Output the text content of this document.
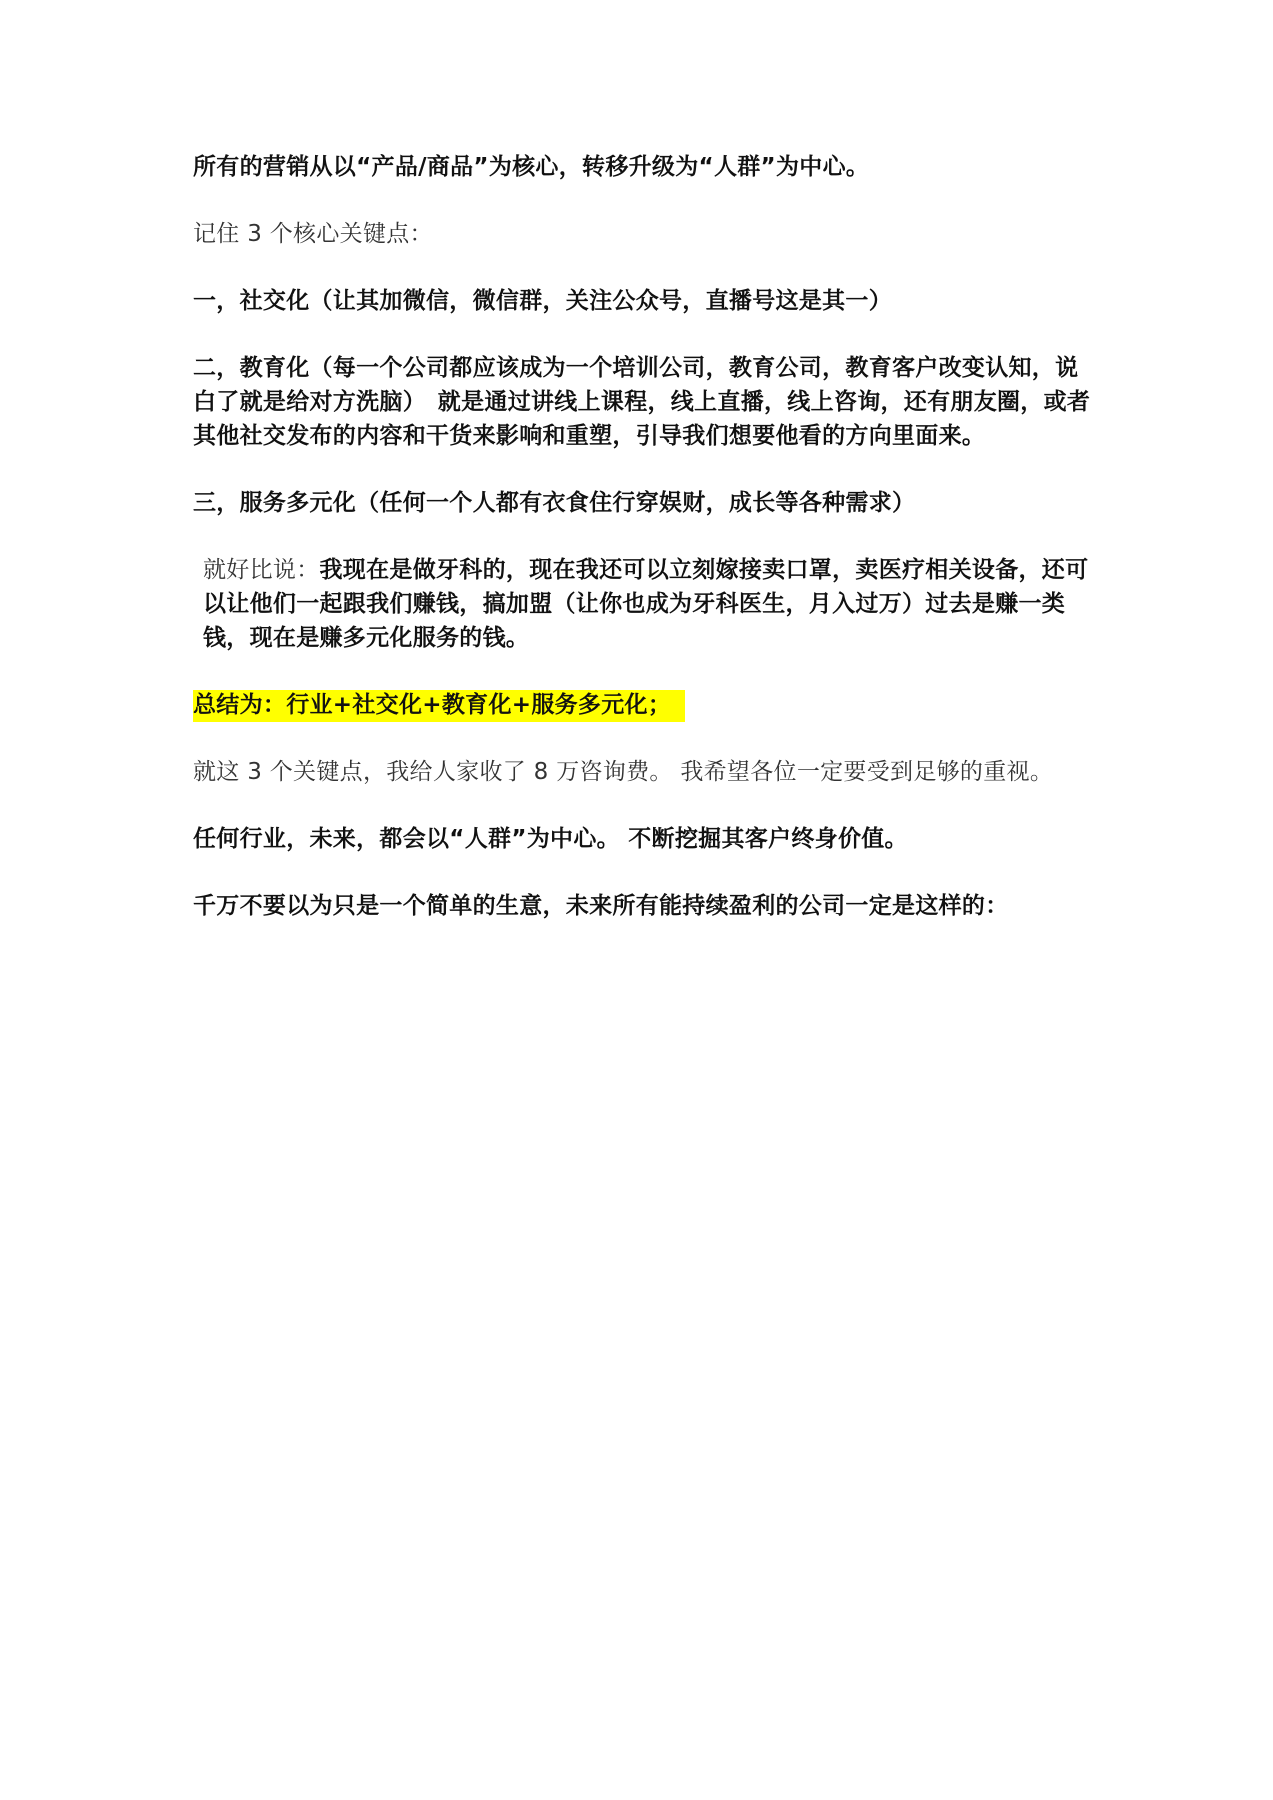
所有的营销从以“产品/商品”为核心，转移升级为“人群”为中心。

记住 3 个核心关键点：

一，社交化（让其加微信，微信群，关注公众号，直播号这是其一）

二，教育化（每一个公司都应该成为一个培训公司，教育公司，教育客户改变认知，说白了就是给对方洗脑）　就是通过讲线上课程，线上直播，线上咨询，还有朋友圈，或者其他社交发布的内容和干货来影响和重塑，引导我们想要他看的方向里面来。

三，服务多元化（任何一个人都有衣食住行穿娱财，成长等各种需求）

就好比说：我现在是做牙科的，现在我还可以立刻嫁接卖口罩，卖医疗相关设备，还可以让他们一起跟我们赚钱，搞加盟（让你也成为牙科医生，月入过万）过去是赚一类钱，现在是赚多元化服务的钱。

总结为：行业+社交化+教育化+服务多元化；

就这 3 个关键点，我给人家收了 8 万咨询费。 我希望各位一定要受到足够的重视。

任何行业，未来，都会以“人群”为中心。 不断挖掘其客户终身价值。

千万不要以为只是一个简单的生意，未来所有能持续盈利的公司一定是这样的：
